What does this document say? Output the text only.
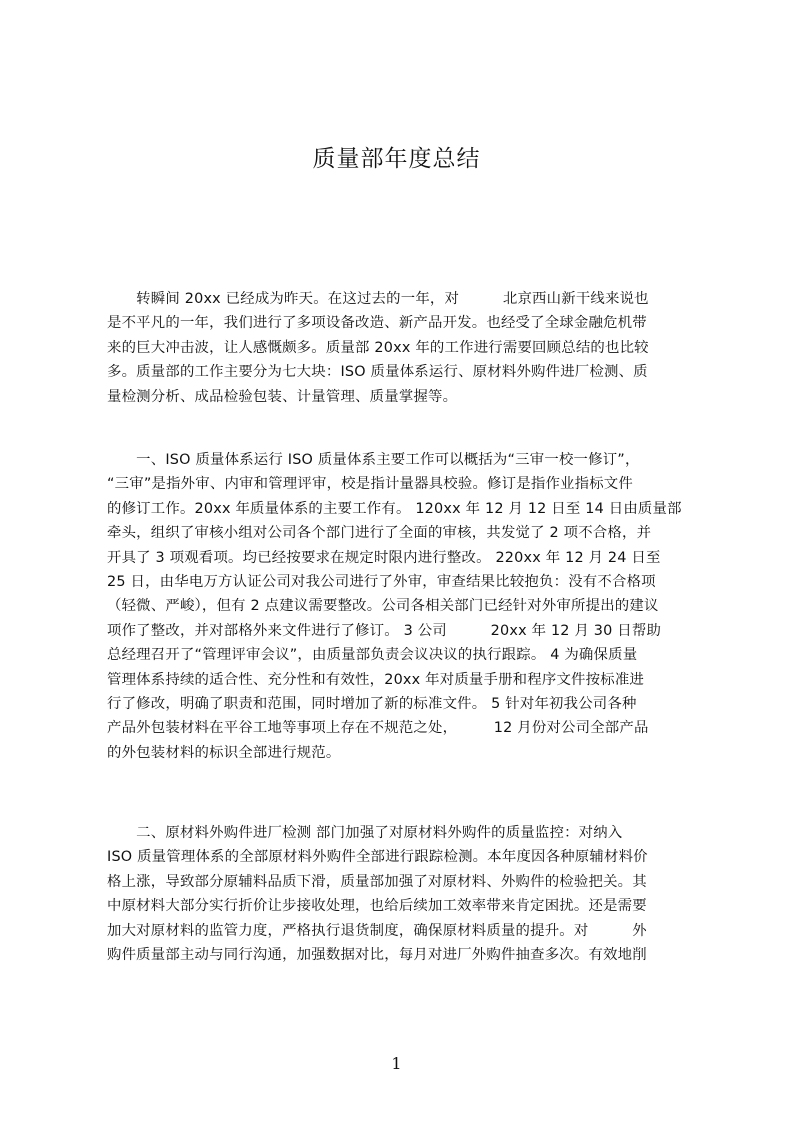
质量部年度总结
　　转瞬间 20xx 已经成为昨天。在这过去的一年，对　　　北京西山新干线来说也
是不平凡的一年，我们进行了多项设备改造、新产品开发。也经受了全球金融危机带
来的巨大冲击波，让人感慨颇多。质量部 20xx 年的工作进行需要回顾总结的也比较
多。质量部的工作主要分为七大块：ISO 质量体系运行、原材料外购件进厂检测、质
量检测分析、成品检验包装、计量管理、质量掌握等。
　　一、ISO 质量体系运行 ISO 质量体系主要工作可以概括为“三审一校一修订”，
“三审”是指外审、内审和管理评审，校是指计量器具校验。修订是指作业指标文件
的修订工作。20xx 年质量体系的主要工作有。 120xx 年 12 月 12 日至 14 日由质量部
牵头，组织了审核小组对公司各个部门进行了全面的审核，共发觉了 2 项不合格，并
开具了 3 项观看项。均已经按要求在规定时限内进行整改。 220xx 年 12 月 24 日至
25 日，由华电万方认证公司对我公司进行了外审，审查结果比较抱负：没有不合格项
（轻微、严峻），但有 2 点建议需要整改。公司各相关部门已经针对外审所提出的建议
项作了整改，并对部格外来文件进行了修订。 3 公司　　　20xx 年 12 月 30 日帮助
总经理召开了“管理评审会议”，由质量部负责会议决议的执行跟踪。 4 为确保质量
管理体系持续的适合性、充分性和有效性，20xx 年对质量手册和程序文件按标准进
行了修改，明确了职责和范围，同时增加了新的标准文件。 5 针对年初我公司各种
产品外包装材料在平谷工地等事项上存在不规范之处，　　　12 月份对公司全部产品
的外包装材料的标识全部进行规范。
　　二、原材料外购件进厂检测 部门加强了对原材料外购件的质量监控：对纳入
ISO 质量管理体系的全部原材料外购件全部进行跟踪检测。本年度因各种原辅材料价
格上涨，导致部分原辅料品质下滑，质量部加强了对原材料、外购件的检验把关。其
中原材料大部分实行折价让步接收处理，也给后续加工效率带来肯定困扰。还是需要
加大对原材料的监管力度，严格执行退货制度，确保原材料质量的提升。对　　　外
购件质量部主动与同行沟通，加强数据对比，每月对进厂外购件抽查多次。有效地削
1
